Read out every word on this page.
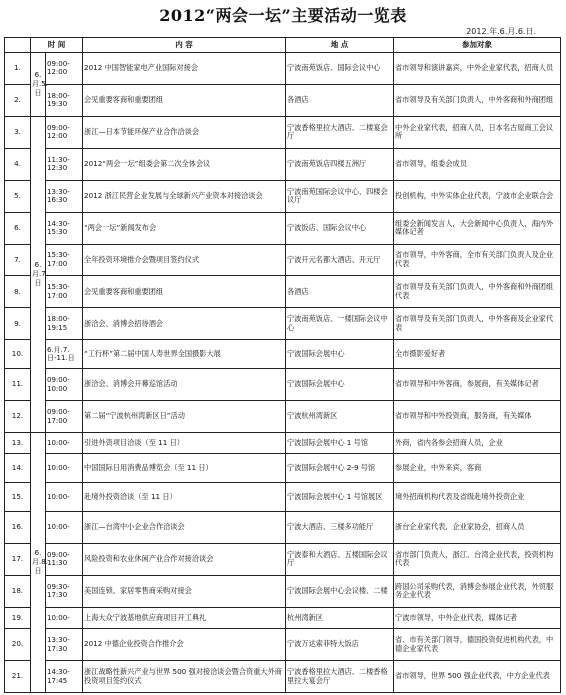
2012“两会一坛”主要活动一览表
2012.年.6.月.6.日.
	时 间		内 容	地 点	参加对象
1.	6.月.5.日	09:00-12:00	2012 中国智能家电产业国际对接会	宁波南苑饭店、国际会议中心	省市领导和演讲嘉宾，中外企业家代表，招商人员
2.		18:00-19:30	会见重要客商和重要团组	各酒店	省市领导及有关部门负责人，中外客商和外商团组
3.	6.月.7.日	09:00-12:00	浙江—日本节能环保产业合作洽谈会	宁波香格里拉大酒店、二楼宴会厅	中外企业家代表，招商人员，日本名古屋商工会议所
4.		11:30-12:30	2012“两会一坛”组委会第二次全体会议	宁波南苑饭店四楼五洲厅	省市领导，组委会成员
5.		13:30-16:30	2012 浙江民营企业发展与全球新兴产业资本对接洽谈会	宁波南苑国际会议中心、四楼会议厅	投创机构，中外实体企业代表，宁波市企业联合会
6.		14:30-15:30	“两会一坛”新闻发布会	宁波饭店、国际会议中心	组委会新闻发言人，大会新闻中心负责人，海内外媒体记者
7.		15:30-17:00	全年投资环境推介会暨项目签约仪式	宁波开元名都大酒店、开元厅	省市领导，中外客商，全市有关部门负责人及企业代表
8.		15:30-17:00	会见重要客商和重要团组	各酒店	省市领导及有关部门负责人，中外客商和外商团组代表
9.		18:00-19:15	浙洽会、消博会招待酒会	宁波南苑饭店、一楼国际会议中心	省市领导及有关部门负责人，中外客商及企业家代表
10.		6.月.7.日-11.日	“工行杯”第二届中国人寿世界全国摄影大展	宁波国际会展中心	全市摄影爱好者
11.		09:00-10:00	浙洽会、消博会开幕巡馆活动	宁波国际会展中心	省市领导和中外客商，参展商，有关媒体记者
12.		09:00-17:00	第二届“宁波杭州湾新区日”活动	宁波杭州湾新区	省市领导和中外投资商，服务商，有关媒体
13.	6.月.8.日	10:00-	引进外资项目洽谈（至 11 日）	宁波国际会展中心 1 号馆	外商，省内各参会招商人员，企业
14.		10:00-	中国国际日用消费品博览会（至 11 日）	宁波国际会展中心 2-9 号馆	参展企业，中外来宾，客商
15.		10:00-	赴境外投资洽谈（至 11 日）	宁波国际会展中心 1 号馆展区	境外招商机构代表及省级赴境外投资企业
16.		10:00-	浙江—台湾中小企业合作洽谈会	宁波大酒店、三楼多功能厅	浙台企业家代表，企业家协会，招商人员
17.		09:00-11:30	风险投资和农业休闲产业合作对接洽谈会	宁波泰和大酒店、五楼国际会议厅	省市部门负责人，浙江、台湾企业代表，投资机构代表
18.		09:30-17:30	美国连锁、家居零售商采购对接会	宁波国际会展中心会议楼、二楼	跨国公司采购代表，消博会参展企业代表，外贸服务企业代表
19.		10:00-	上海大众宁波基地供应商项目开工典礼	杭州湾新区	宁波市领导，中外企业代表，媒体记者
20.		13:30-17:30	2012 中德企业投资合作推介会	宁波万达索菲特大饭店	省、市有关部门领导，德国投资促进机构代表，中德企业家代表
21.		14:30-17:45	浙江战略性新兴产业与世界 500 强对接洽谈会暨合资重大外商投资项目签约仪式	宁波香格里拉大酒店、二楼香格里拉大宴会厅	省市领导，世界 500 强企业代表，中方企业代表
